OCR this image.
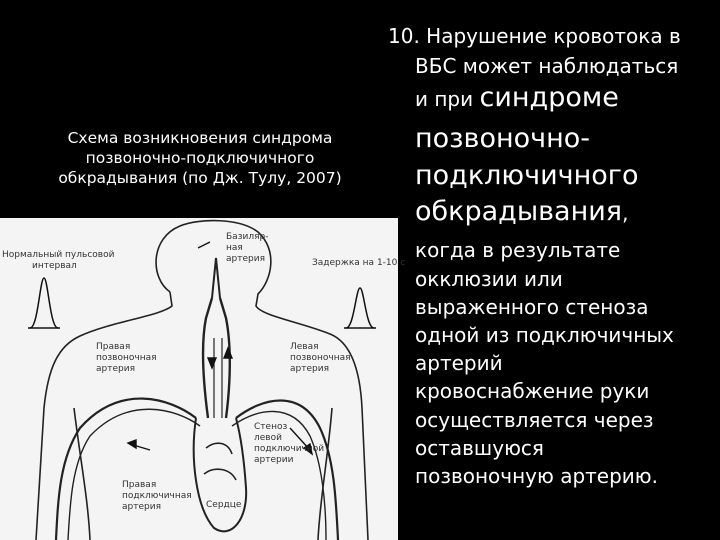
Схема возникновения синдрома
позвоночно-подключичного
обкрадывания (по Дж. Тулу, 2007)
Нормальный пульсовой
интервал
Базиляр-
ная
артерия	Задержка на 1-10 с
Правая
позвоночная
артерия
Левая
позвоночная
артерия
Стеноз
левой
подключичной
артерии
Правая
подключичная
артерия	Сердце
10. Нарушение кровотока в
ВБС может наблюдаться
и при синдроме
позвоночно-
подключичного
обкрадывания,
когда в результате
окклюзии или
выраженного стеноза
одной из подключичных
артерий
кровоснабжение руки
осуществляется через
оставшуюся
позвоночную артерию.
